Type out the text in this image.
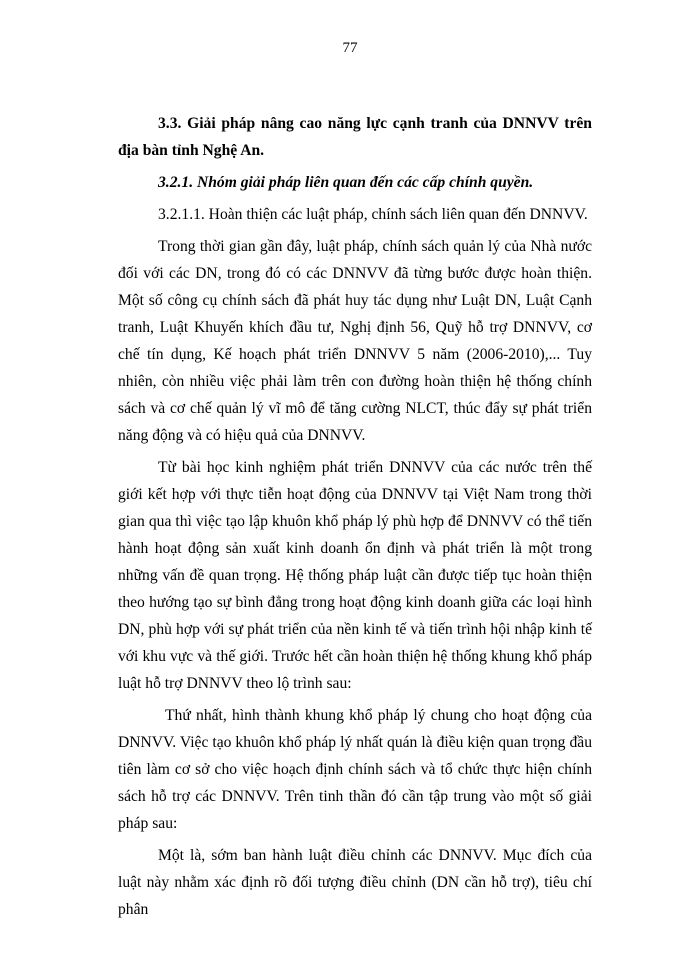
77

3.3. Giải pháp nâng cao năng lực cạnh tranh của DNNVV trên địa bàn tỉnh Nghệ An.

3.2.1. Nhóm giải pháp liên quan đến các cấp chính quyền.

3.2.1.1. Hoàn thiện các luật pháp, chính sách liên quan đến DNNVV.

Trong thời gian gần đây, luật pháp, chính sách quản lý của Nhà nước đối với các DN, trong đó có các DNNVV đã từng bước được hoàn thiện. Một số công cụ chính sách đã phát huy tác dụng như Luật DN, Luật Cạnh tranh, Luật Khuyến khích đầu tư, Nghị định 56, Quỹ hỗ trợ DNNVV, cơ chế tín dụng, Kế hoạch phát triển DNNVV 5 năm (2006-2010),... Tuy nhiên, còn nhiều việc phải làm trên con đường hoàn thiện hệ thống chính sách và cơ chế quản lý vĩ mô để tăng cường NLCT, thúc đẩy sự phát triển năng động và có hiệu quả của DNNVV.

Từ bài học kinh nghiệm phát triển DNNVV của các nước trên thế giới kết hợp với thực tiễn hoạt động của DNNVV tại Việt Nam trong thời gian qua thì việc tạo lập khuôn khổ pháp lý phù hợp để DNNVV có thể tiến hành hoạt động sản xuất kinh doanh ổn định và phát triển là một trong những vấn đề quan trọng. Hệ thống pháp luật cần được tiếp tục hoàn thiện theo hướng tạo sự bình đẳng trong hoạt động kinh doanh giữa các loại hình DN, phù hợp với sự phát triển của nền kinh tế và tiến trình hội nhập kinh tế với khu vực và thế giới. Trước hết cần hoàn thiện hệ thống khung khổ pháp luật hỗ trợ DNNVV theo lộ trình sau:

Thứ nhất, hình thành khung khổ pháp lý chung cho hoạt động của DNNVV. Việc tạo khuôn khổ pháp lý nhất quán là điều kiện quan trọng đầu tiên làm cơ sở cho việc hoạch định chính sách và tổ chức thực hiện chính sách hỗ trợ các DNNVV. Trên tinh thần đó cần tập trung vào một số giải pháp sau:

Một là, sớm ban hành luật điều chỉnh các DNNVV. Mục đích của luật này nhằm xác định rõ đối tượng điều chỉnh (DN cần hỗ trợ), tiêu chí phân
